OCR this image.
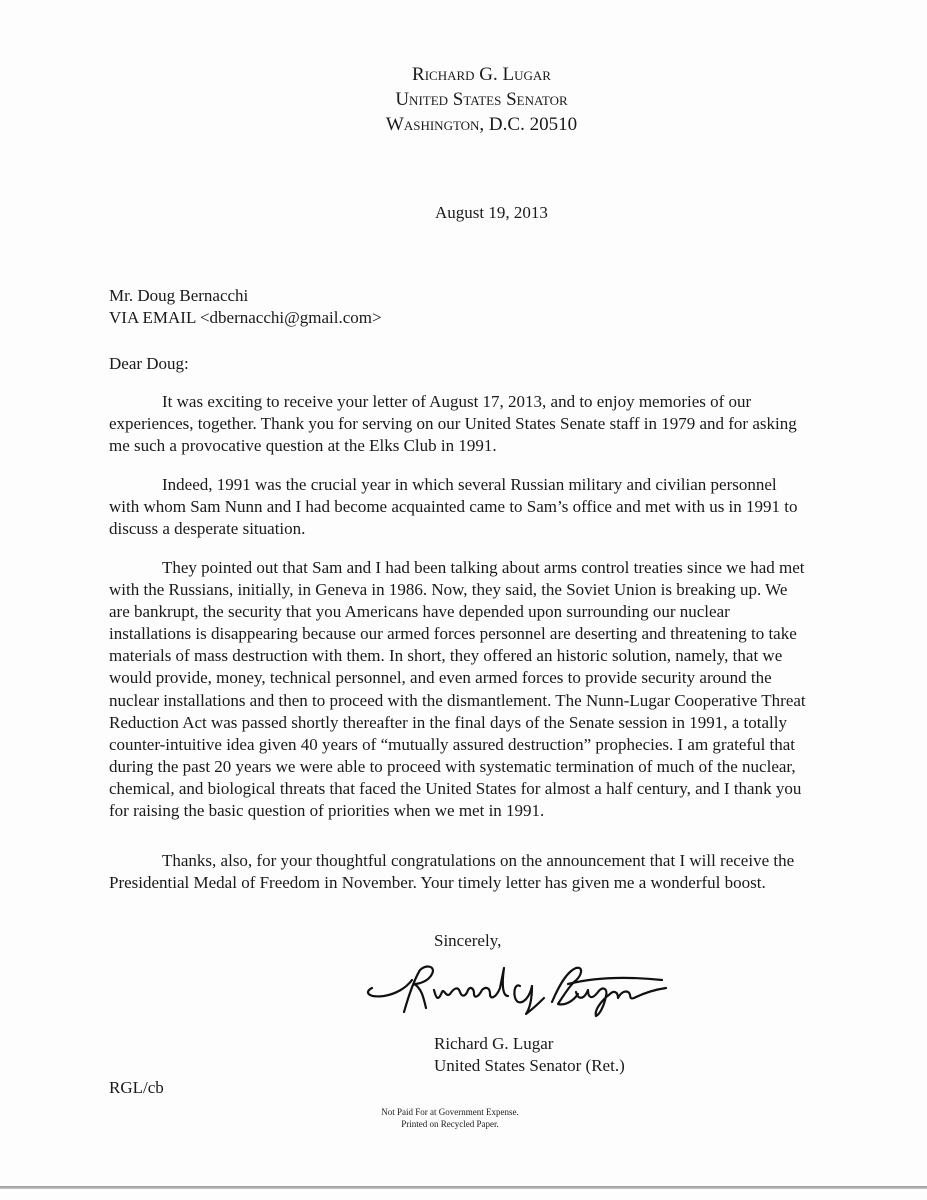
Richard G. Lugar
United States Senator
Washington, D.C. 20510
August 19, 2013
Mr. Doug Bernacchi
VIA EMAIL <dbernacchi@gmail.com>
Dear Doug:

It was exciting to receive your letter of August 17, 2013, and to enjoy memories of our experiences, together. Thank you for serving on our United States Senate staff in 1979 and for asking me such a provocative question at the Elks Club in 1991.

Indeed, 1991 was the crucial year in which several Russian military and civilian personnel with whom Sam Nunn and I had become acquainted came to Sam’s office and met with us in 1991 to discuss a desperate situation.

They pointed out that Sam and I had been talking about arms control treaties since we had met with the Russians, initially, in Geneva in 1986. Now, they said, the Soviet Union is breaking up. We are bankrupt, the security that you Americans have depended upon surrounding our nuclear installations is disappearing because our armed forces personnel are deserting and threatening to take materials of mass destruction with them. In short, they offered an historic solution, namely, that we would provide, money, technical personnel, and even armed forces to provide security around the nuclear installations and then to proceed with the dismantlement. The Nunn-Lugar Cooperative Threat Reduction Act was passed shortly thereafter in the final days of the Senate session in 1991, a totally counter-intuitive idea given 40 years of “mutually assured destruction” prophecies. I am grateful that during the past 20 years we were able to proceed with systematic termination of much of the nuclear, chemical, and biological threats that faced the United States for almost a half century, and I thank you for raising the basic question of priorities when we met in 1991.

Thanks, also, for your thoughtful congratulations on the announcement that I will receive the Presidential Medal of Freedom in November. Your timely letter has given me a wonderful boost.

Sincerely,
Richard G. Lugar
United States Senator (Ret.)
RGL/cb
Not Paid For at Government Expense.
Printed on Recycled Paper.
